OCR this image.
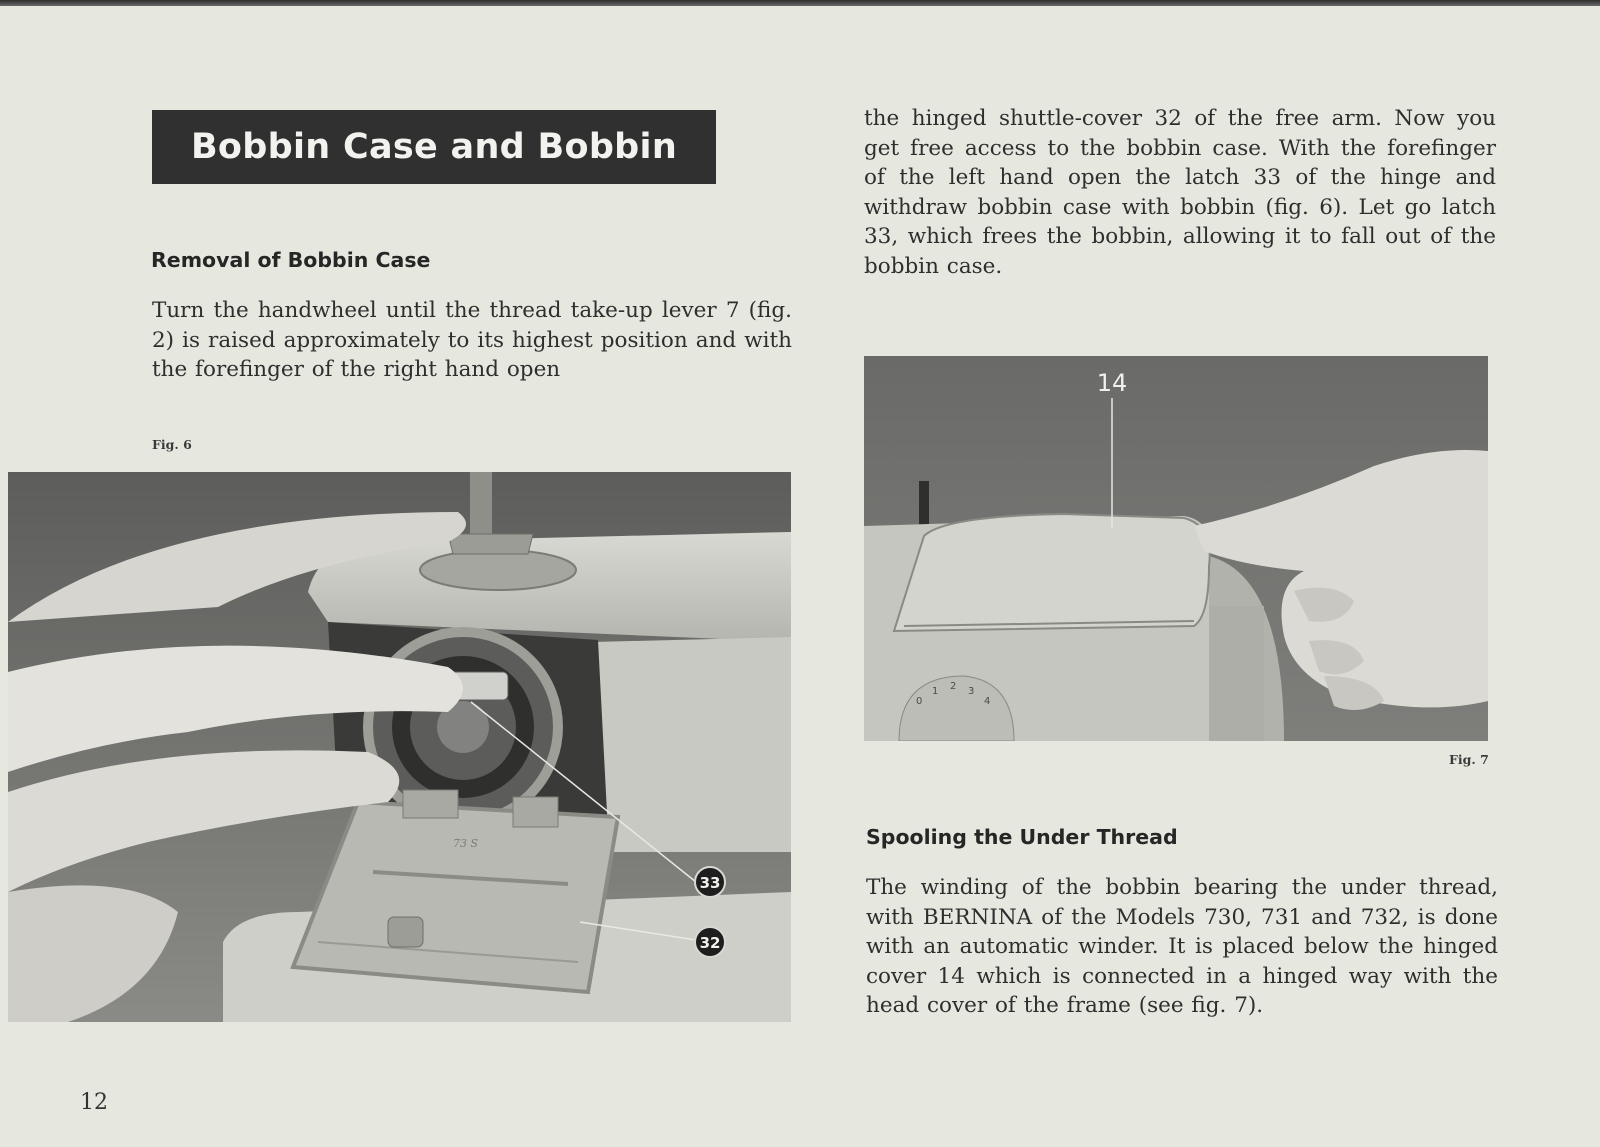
Bobbin Case and Bobbin
Removal of Bobbin Case

Turn the handwheel until the thread take-up lever 7 (fig. 2) is raised approximately to its highest position and with the forefinger of the right hand open

the hinged shuttle-cover 32 of the free arm. Now you get free access to the bobbin case. With the forefinger of the left hand open the latch 33 of the hinge and withdraw bobbin case with bobbin (fig. 6). Let go latch 33, which frees the bobbin, allowing it to fall out of the bobbin case.

Fig. 6
73 S
33
32
0
1 2 3
4
14
Fig. 7
Spooling the Under Thread

The winding of the bobbin bearing the under thread, with BERNINA of the Models 730, 731 and 732, is done with an automatic winder. It is placed below the hinged cover 14 which is connected in a hinged way with the head cover of the frame (see fig. 7).

12
